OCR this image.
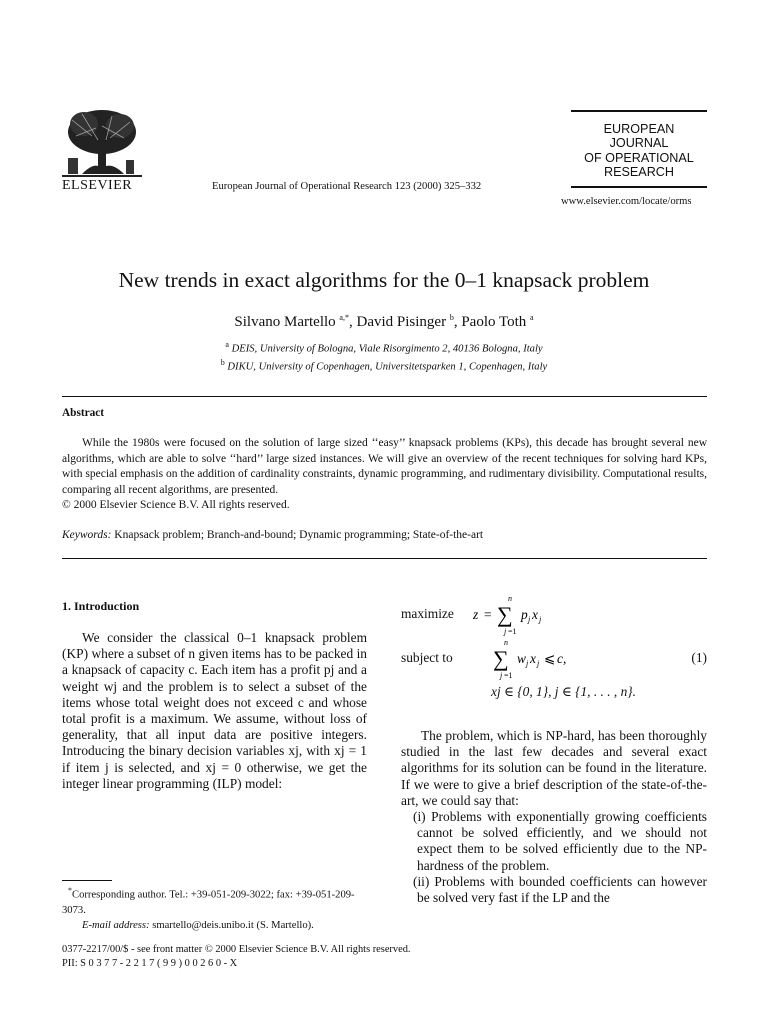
ELSEVIER	European Journal of Operational Research 123 (2000) 325–332
EUROPEAN
JOURNAL
OF OPERATIONAL
RESEARCH
www.elsevier.com/locate/orms
New trends in exact algorithms for the 0–1 knapsack problem
Silvano Martello $^{a,*}$, David Pisinger $^b$, Paolo Toth $^a$
$^a$ DEIS, University of Bologna, Viale Risorgimento 2, 40136 Bologna, Italy
$^b$ DIKU, University of Copenhagen, Universitetsparken 1, Copenhagen, Italy
Abstract
While the 1980s were focused on the solution of large sized ‘‘easy’’ knapsack problems (KPs), this decade has brought several new algorithms, which are able to solve ‘‘hard’’ large sized instances. We will give an overview of the recent techniques for solving hard KPs, with special emphasis on the addition of cardinality constraints, dynamic programming, and rudimentary divisibility. Computational results, comparing all recent algorithms, are presented.
© 2000 Elsevier Science B.V. All rights reserved.
Keywords: Knapsack problem; Branch-and-bound; Dynamic programming; State-of-the-art
1. Introduction

We consider the classical 0–1 knapsack problem (KP) where a subset of n given items has to be packed in a knapsack of capacity c. Each item has a profit pj and a weight wj and the problem is to select a subset of the items whose total weight does not exceed c and whose total profit is a maximum. We assume, without loss of generality, that all input data are positive integers. Introducing the binary decision variables xj, with xj = 1 if item j is selected, and xj = 0 otherwise, we get the integer linear programming (ILP) model:

*Corresponding author. Tel.: +39-051-209-3022; fax: +39-051-209-3073.
E-mail address: smartello@deis.unibo.it (S. Martello).
maximize z = ∑
n
j =1
p j x j
subject to ∑
n
j =1
w j x j ⩽ c ,	(1)
xj ∈ {0, 1}, j ∈ {1, . . . , n}.

The problem, which is NP-hard, has been thoroughly studied in the last few decades and several exact algorithms for its solution can be found in the literature. If we were to give a brief description of the state-of-the-art, we could say that:

(i) Problems with exponentially growing coefficients cannot be solved efficiently, and we should not expect them to be solved efficiently due to the NP-hardness of the problem.

(ii) Problems with bounded coefficients can however be solved very fast if the LP and the

0377-2217/00/$ - see front matter © 2000 Elsevier Science B.V. All rights reserved.
PII: S 0 3 7 7 - 2 2 1 7 ( 9 9 ) 0 0 2 6 0 - X
